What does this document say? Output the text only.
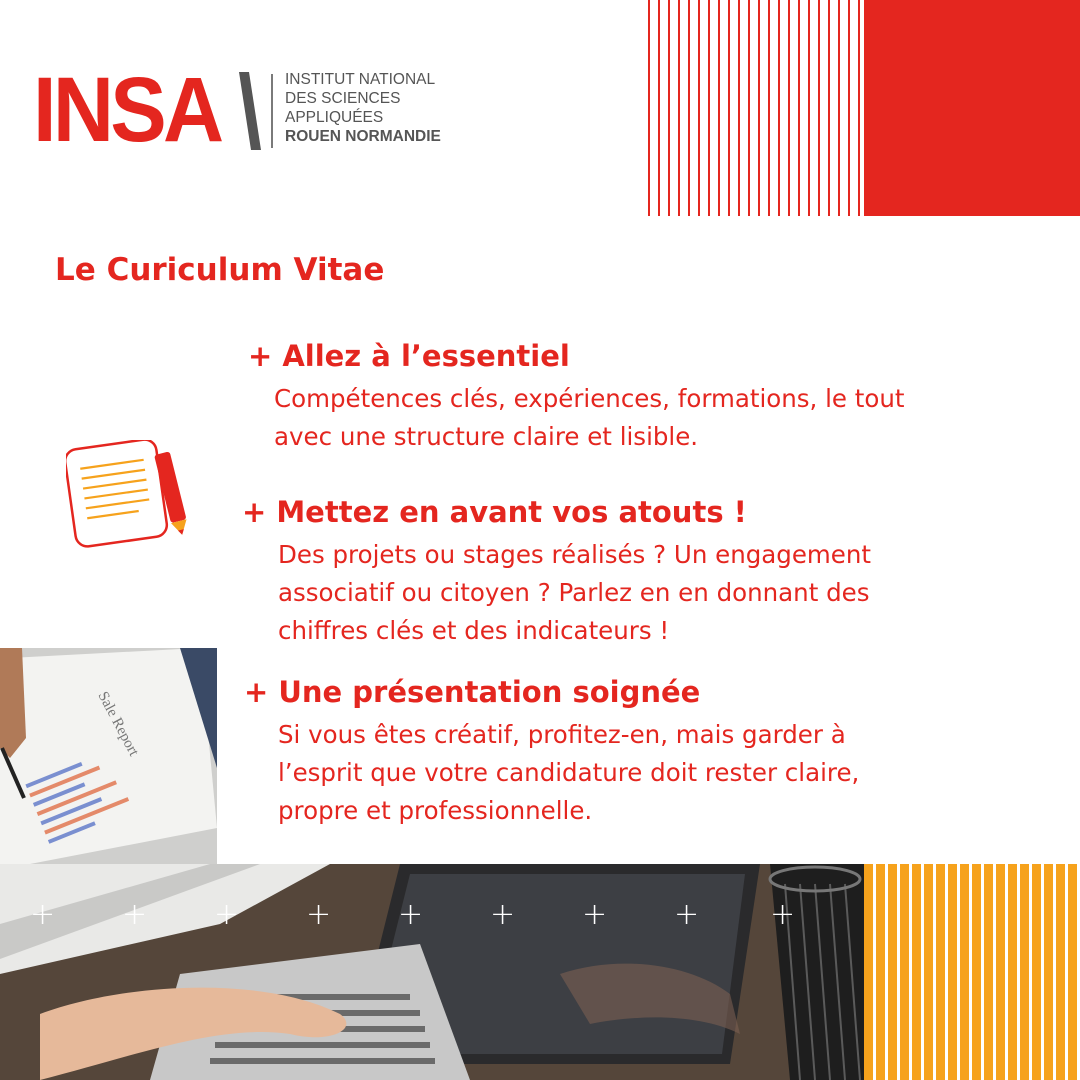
INSA	INSTITUT NATIONAL
DES SCIENCES
APPLIQUÉES
ROUEN NORMANDIE
Le Curiculum Vitae

+ Allez à l’essentiel

Compétences clés, expériences, formations, le tout
avec une structure claire et lisible.

+ Mettez en avant vos atouts !

Des projets ou stages réalisés ? Un engagement
associatif ou citoyen ? Parlez en en donnant des
chiffres clés et des indicateurs !

+ Une présentation soignée

Si vous êtes créatif, profitez-en, mais garder à
l’esprit que votre candidature doit rester claire,
propre et professionnelle.

Sale Report
+ + + + + + + + +
